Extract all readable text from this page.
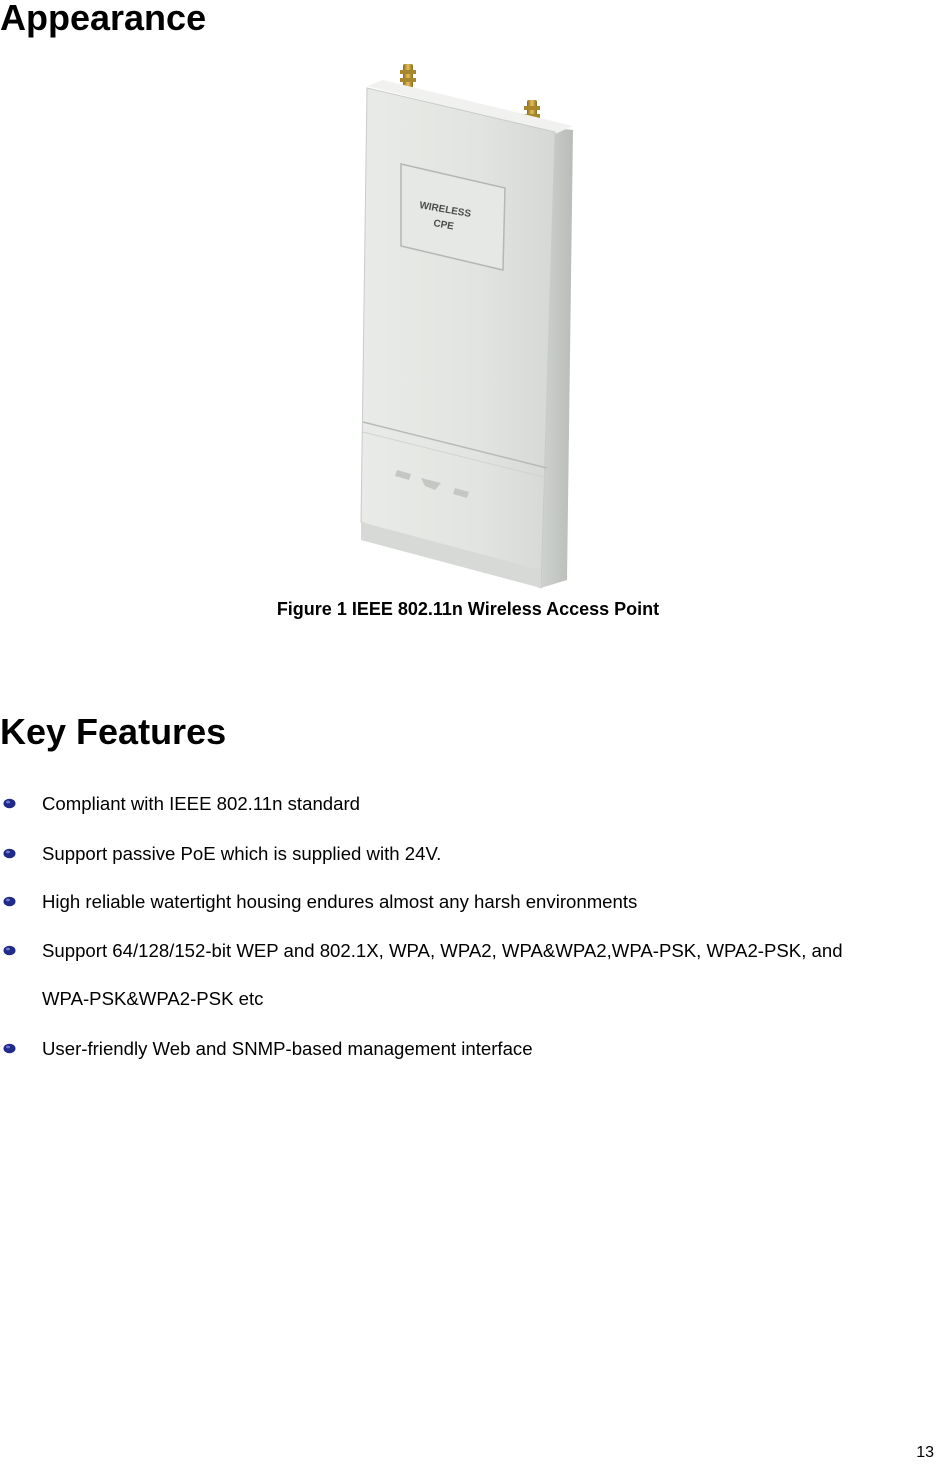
Appearance
WIRELESS
CPE
Figure 1 IEEE 802.11n Wireless Access Point
Key Features
Compliant with IEEE 802.11n standard
Support passive PoE which is supplied with 24V.
High reliable watertight housing endures almost any harsh environments
Support 64/128/152-bit WEP and 802.1X, WPA, WPA2, WPA&WPA2,WPA-PSK, WPA2-PSK, and
WPA-PSK&WPA2-PSK etc
User-friendly Web and SNMP-based management interface
13
